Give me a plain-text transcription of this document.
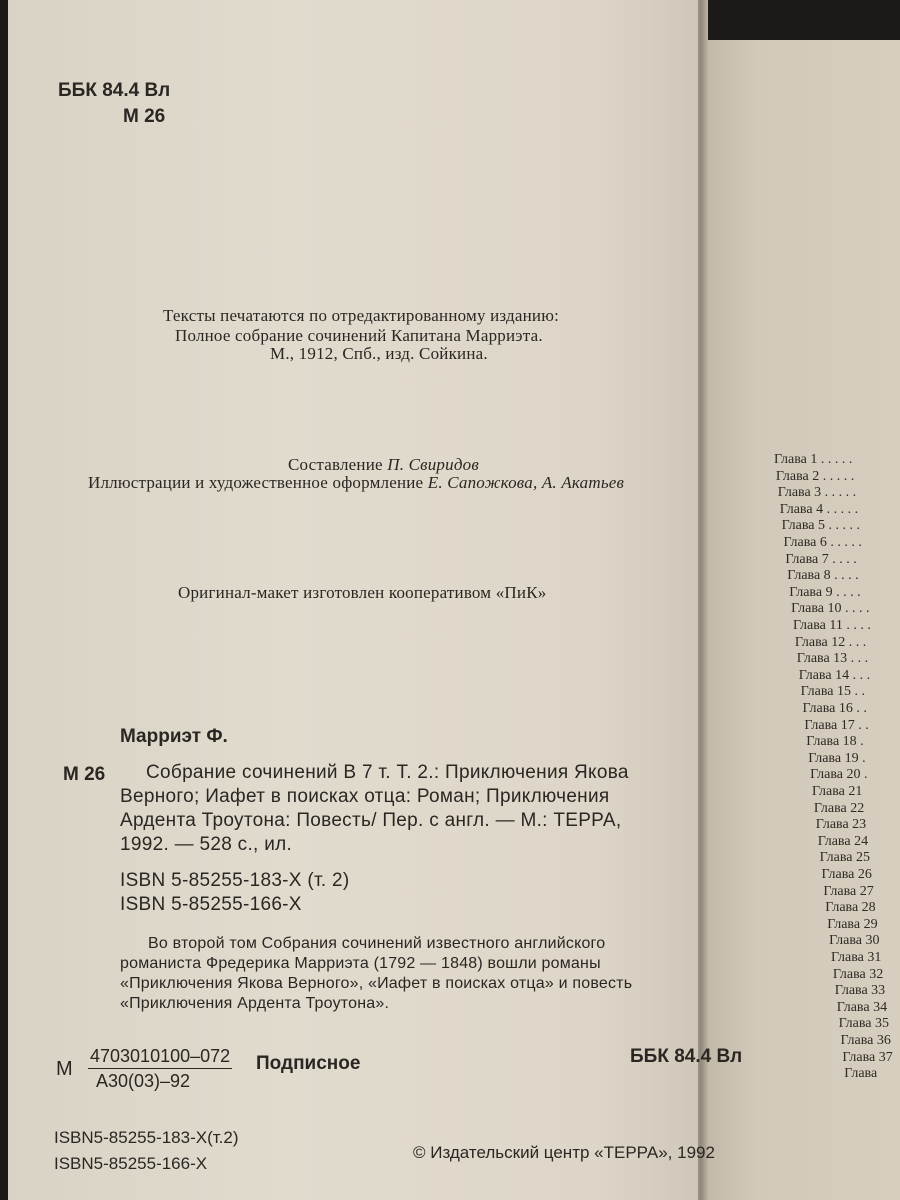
ББК 84.4 Вл
М 26
Тексты печатаются по отредактированному изданию:
Полное собрание сочинений Капитана Марриэта.
М., 1912, Спб., изд. Сойкина.
Составление П. Свиридов
Иллюстрации и художественное оформление Е. Сапожкова, А. Акатьев
Оригинал-макет изготовлен кооперативом «ПиК»
Марриэт Ф.
М 26 Собрание сочинений В 7 т. Т. 2.: Приключения Якова
Верного; Иафет в поисках отца: Роман; Приключения
Ардента Троутона: Повесть/ Пер. с англ. — М.: ТЕРРА,
1992. — 528 с., ил.
ISBN 5-85255-183-X (т. 2)
ISBN 5-85255-166-X
Во второй том Собрания сочинений известного английского
романиста Фредерика Марриэта (1792 — 1848) вошли романы
«Приключения Якова Верного», «Иафет в поисках отца» и повесть
«Приключения Ардента Троутона».
М
4703010100–072
А30(03)–92
Подписное	ББК 84.4 Вл
ISBN5-85255-183-X(т.2)
ISBN5-85255-166-X
© Издательский центр «ТЕРРА», 1992
Глава 1 . . . . .
Глава 2 . . . . .
Глава 3 . . . . .
Глава 4 . . . . .
Глава 5 . . . . .
Глава 6 . . . . .
Глава 7 . . . .
Глава 8 . . . .
Глава 9 . . . .
Глава 10 . . . .
Глава 11 . . . .
Глава 12 . . .
Глава 13 . . .
Глава 14 . . .
Глава 15 . .
Глава 16 . .
Глава 17 . .
Глава 18 .
Глава 19 .
Глава 20 .
Глава 21
Глава 22
Глава 23
Глава 24
Глава 25
Глава 26
Глава 27
Глава 28
Глава 29
Глава 30
Глава 31
Глава 32
Глава 33
Глава 34
Глава 35
Глава 36
Глава 37
Глава
